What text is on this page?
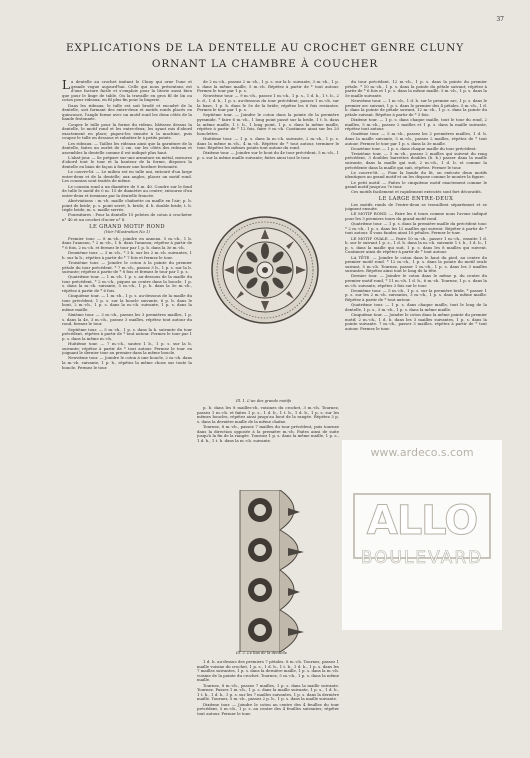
37
EXPLICATIONS DE LA DENTELLE AU CROCHET GENRE CLUNY
ORNANT LA CHAMBRE À COUCHER

La dentelle au crochet imitant le Cluny qui orne l'une et grande vogue aujourd'hui. Celle qui nous présentons est d'une facture facile et s'emploie pour la literie aussi bien que pour le linge de table. On la travaille en gros fil de lin ou coton pour rideaux, en fil plus fin pour la lingerie.

Dans les rideaux, le tulle est soit brodé et encadré de la dentelle, soit formant des entre-deux et motifs ronds placés en quinconce, l'angle forme avec un motif rond les deux côtés de la bande festonnée.

Coupez le tulle pour la forme du rideau, bâtissez dessus la dentelle, le motif rond et les entre-deux, les ayant mis d'abord exactement en place; piquez-les ensuite à la machine, puis coupez le tulle en dessous et rabattez-le à petits points.

Les rideaux. — Taillez les rideaux ainsi que la garniture de la dentelle, faites un ourlet de 2 cm. sur les côtés des rideaux et assemblez la dentelle comme il est indiqué plus haut.

L'abat-jour. — Se prépare sur une armature en métal, mesurez d'abord tout le tour et la hauteur de la forme, disposez la dentelle en biais de façon à former une bordure festonnée.

Le couvre-lit. — Le milieu est en tulle uni, entouré d'un large entre-deux et de la dentelle; aux angles, placez un motif rond. Les coussins sont traités de même.

Le coussin rond a un diamètre de 0 m. 40. Coudre sur le fond de tulle le motif de 0 m. 15 de diamètre au centre; entourez d'un entre-deux et terminez par la dentelle froncée.

Abréviations : m.-ch. maille chaînette ou maille en l'air; p. b. point de bride; p. s. point serré; b. bride; d. b. double bride; t. b. triple bride; m. s. maille serrée.

Fournitures : Pour la dentelle 15 pelotes de coton à crocheter n° 40 et un crochet d'acier n° 8.

LE GRAND MOTIF ROND
(Voir l'illustration No 1)

Premier tour. — 8 m.-ch.; joindre en anneau. 5 m.-ch., 1 b. dans l'anneau, * 2 m.-ch., 1 b. dans l'anneau; répétez à partir de * 6 fois, 2 m.-ch. et fermez le tour par 1 p. b. dans la 3e m.-ch.

Deuxième tour. — 3 m.-ch., * 3 b. sur les 2 m.-ch. suivantes, 1 b. sur la b.; répétez à partir de * 7 fois et fermez le tour.

Troisième tour. — Joindre le coton à la pointe du premier pétale du tour précédent. * 7 m.-ch., passez 3 b., 1 p. s. sur la b. suivante; répétez à partir de * 8 fois et fermez le tour par 1 p. s.

Quatrième tour. — 1 m.-ch. 1 p. s. au-dessous de la maille du tour précédent, * 2 m.-ch., piquez au centre dans la boucle, 1 p. s. dans la m.-ch. suivante, 5 m.-ch., 1 p. b. dans la 5e m.-ch., répétez à partir de * 6 fois.

Cinquième tour. — 1 m.-ch., 1 p. s. au-dessous de la maille du tour précédent, 1 p. s. sur la boucle suivante, 6 p. b. dans le bout, 2 m.-ch., 1 p. s. dans la m.-ch. suivante, 1 p. s. dans la même maille.

Sixième tour. — 3 m.-ch., passez les 3 premières mailles, 1 p. s. dans la 4e, 3 m.-ch., passez 3 mailles, répétez tout autour du rond, fermez le tour.

Septième tour. — 5 m.-ch., 1 p. s. dans la b. suivante du tour précédent, répétez à partir de * tout autour. Fermez le tour par 1 p. s. dans la même m.-ch.

Huitième tour. — 7 m.-ch., sautez 1 b., 1 p. s. sur la b. suivante; répétez à partir de * tout autour. Fermez le tour en joignant le dernier tour au premier dans la même boucle.

Neuvième tour. — Joindre le coton à une boucle, 2 m.-ch. dans la m.-ch. suivante, 1 p. b., répétez la même chose sur toute la boucle. Fermez le tour.

de 2 m.-ch., passez 2 m.-ch., 1 p. s. sur la b. suivante, 3 m.-ch., 1 p. s. dans la même maille, 5 m.-ch. Répétez à partir de * tout autour. Fermez le tour par 1 p. s.

Neuvième tour. — 9 m.-ch., passez 1 m.-ch., 1 p. s., 1 d. b., 1 t. b., 2 b. d., 1 d. b., 1 p. s. au-dessous du tour précédent; passez 1 m.-ch. sur la base, 1 p. b. dans le 5e de la bride; répétez les 6 fois restantes. Fermez le tour par 1 p. s.

Septième tour. — Joindre le coton dans la pointe de la première pyramide. * faire 6 m.-ch., 1 long point passé sur la bride, 1 t. b. dans la même maille, 1 t. b., 1 long point, 1 p. s. dans la même maille, répétez à partir de * 12 fois, faire 9 m.-ch. Continuez ainsi sur les 20 bouclettes.

Huitième tour. — 1 p. s. dans la m.-ch. suivante, 2 m.-ch., 1 p. s. dans la même m.-ch., 4 m.-ch. Répétez de * tout autour, terminer le tour. Répétez les mêmes points tout autour du rond.

Dixième tour. — Joindre sur le bout du 4e tour précédent, 5 m.-ch., 1 p. s. sur la même maille suivante; faites ainsi tout le tour.

Ill. 1. L'un des grands motifs

p. b. dans les 8 mailles-ch. voisines du crochet, 3 m.-ch. Tournez, passez 1 m.-ch. et faites 1 p. s., 1 d. b., 1 t. b., 1 d. b., 1 p. s. sur les mêmes boucles, répétez ainsi jusqu'au bout de la rangée. Répétez 3 p. s. dans la dernière maille de la même chaîne.

Tournez, 8 m.-ch., passez 7 mailles du tour précédent, puis tournez dans la direction opposée à la première m.-ch. Faites ainsi de suite jusqu'à la fin de la rangée. Tournez 1 p. s. dans la même maille, 1 p. s., 1 d. b., 1 t. b. dans la m.-ch. suivante.

Ill. 2. Le bas de la dentelle

1 d. b. au-dessus des premiers 7 pétales. 8 m.-ch. Tournez, passez 1 maille voisine du crochet, 1 p. s., 1 d. b., 1 t. b., 1 d. b., 1 p. s. dans les 7 mailles suivantes, 1 p. s. dans la dernière maille, 1 p. s. dans la m.-ch. voisine de la pointe du crochet. Tournez, 5 m.-ch., 1 p. s. dans la même maille.

Tournez, 8 m.-ch., passez 7 mailles, 1 p. s. dans la maille suivante. Tournez. Passez 1 m.-ch., 1 p. s. dans la maille suivante, 1 p. s., 1 d. b., 1 t. b., 1 d. b., 1 p. s. sur les 7 mailles suivantes, 1 p. s. dans la dernière maille. Tournez, 5 m.-ch., passez 2 p. b., 1 p. s. dans la maille suivante.

Dixième tour. — Joindre le coton au centre des 4 feuilles du tour précédent, 5 m.-ch., 1 p. s. au centre des 4 feuilles suivantes; répéter tout autour. Fermer le tour.

du tour précédent, 12 m.-ch., 1 p. s. dans la pointe du premier pétale. * 10 m.-ch., 1 p. s. dans la pointe du pétale suivant; répétez à partir de * 6 fois et 1 p. s. dans la même maille. 5 m.-ch., 1 p. s. dans la 5e maille suivante.

Neuvième tour. — 1 m.-ch., 1 d. b. sur le premier arc, 1 p. s. dans le premier arc suivant, 1 p. s. dans le premier des 4 pétales. 5 m.-ch., 1 d. b. dans la pointe de pétale suivant, 12 m.-ch., 1 p. s. dans la pointe du pétale suivant. Répétez à partir de * 3 fois.

Dixième tour. — 1 p. s. dans chaque maille, tout le tour du rond, 2 mailles, 5 m.-ch., passez 2 mailles et 1 p. s. dans la maille suivante, répétez tout autour.

Onzième tour. — 5 m.-ch., passez les 2 premières mailles, 1 d. b. dans la maille suivante, 5 m.-ch., passez 2 mailles, répétez de * tout autour. Fermez le tour par 1 p. s. dans la 3e maille.

Douzième tour. — 1 p. s. dans chaque maille du tour précédent.

Treizième tour. — 5 m.-ch., passez 2 mailles qui suivent du rang précédent, 3 doubles barrettes doubles (b. b.) passer dans la maille suivante, dans la maille qui suit, 2 m.-ch., 1 d. b. et comme la précédente dans la maille qui suit, répétez. Fermer le tour.

Le couvre-lit. — Pour la bande du lit, on exécute deux motifs identiques au grand motif et on les dispose comme le montre la figure.

Le petit motif. — Faites le cinquième motif exactement comme le grand motif jusqu'au 7e tour.

Ces motifs facilement et rapidement exécutés sont fort décoratifs.

LE LARGE ENTRE-DEUX

Les motifs ronds de l'entre-deux se travaillent séparément et se joignent ensuite.

LE MOTIF ROND. — Faire les 6 tours comme nous l'avons indiqué pour les 3 premiers tours du grand motif rond.

Quatrième tour. — 1 p. s. dans la première maille du précédent tour. * 2 m.-ch., 1 p. s. dans les 12 mailles qui suivent. Répéter à partir de * tout autour. Il vous faudra ainsi 10 pétales. Fermer le tour.

LE MOTIF OVALE. — Faire 10 m.-ch., passer 1 m.-ch., ensuite 1 d. b. sur le suivant 1 p. s., 1 d. b. dans la m.-ch. suivante 1 t. b., 1 d. b., 1 p. s. dans la maille qui suit, 1 p. s. dans les 8 mailles qui suivent. Continuer ainsi de répéter à partir de * tout autour.

LA TÊTE. — Joindre le coton dans le haut du pied, au centre du premier motif rond. * 12 m.-ch., 1 p. s. dans la pointe du motif ovale suivant, 5 m.-ch. Tournez, passer 1 m.-ch., 1 p. s. dans les 3 mailles suivantes. Répétez ainsi tout le long de la tête.

Dernier tour. — Joindre le coton dans le même p. du centre du premier motif rond, * 11 m.-ch. 1 d. b., 6 m.-ch. Tournez, 1 p. s. dans la m.-ch. suivante, répétez 3 fois sur le tour.

Deuxième tour. — 5 m.-ch., 1 p. s. sur la première bride, * passer 1 p. s. sur les 2 m.-ch. suivantes, 3 m.-ch., 1 p. s. dans la même maille. Répétez à partir de * tout autour.

Quatrième tour. — 1 p. s. dans chaque maille, tout le long de la dentelle, 1 p. s., 3 m.-ch., 1 p. s. dans la même maille.

Cinquième tour. — Joindre le coton dans la même pointe du premier motif, 2 m.-ch., 1 d. b. dans les 3 mailles suivantes, 1 p. s. dans la pointe suivante. 7 m.-ch., passer 3 mailles, répétez à partir de * tout autour. Fermez le tour.

www.ardeco.s.com
ALLO
BOULEVARD
